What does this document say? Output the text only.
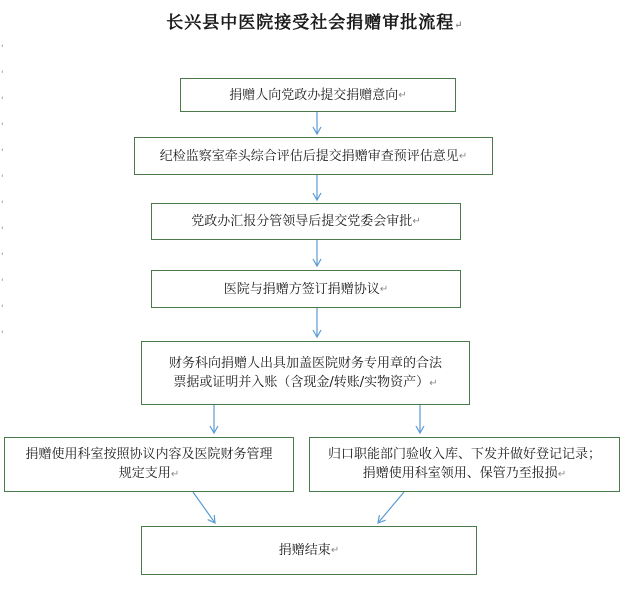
长兴县中医院接受社会捐赠审批流程↵
'
'
'
'
'
'
'
'
'
'
'
'
捐赠人向党政办提交捐赠意向 ↵
纪检监察室牵头综合评估后提交捐赠审查预评估意见 ↵
党政办汇报分管领导后提交党委会审批 ↵
医院与捐赠方签订捐赠协议 ↵
财务科向捐赠人出具加盖医院财务专用章的合法
票据或证明并入账（含现金/转账/实物资产）↵
捐赠使用科室按照协议内容及医院财务管理
规定支用↵
归口职能部门验收入库、下发并做好登记记录；
捐赠使用科室领用、保管乃至报损↵
捐赠结束 ↵
